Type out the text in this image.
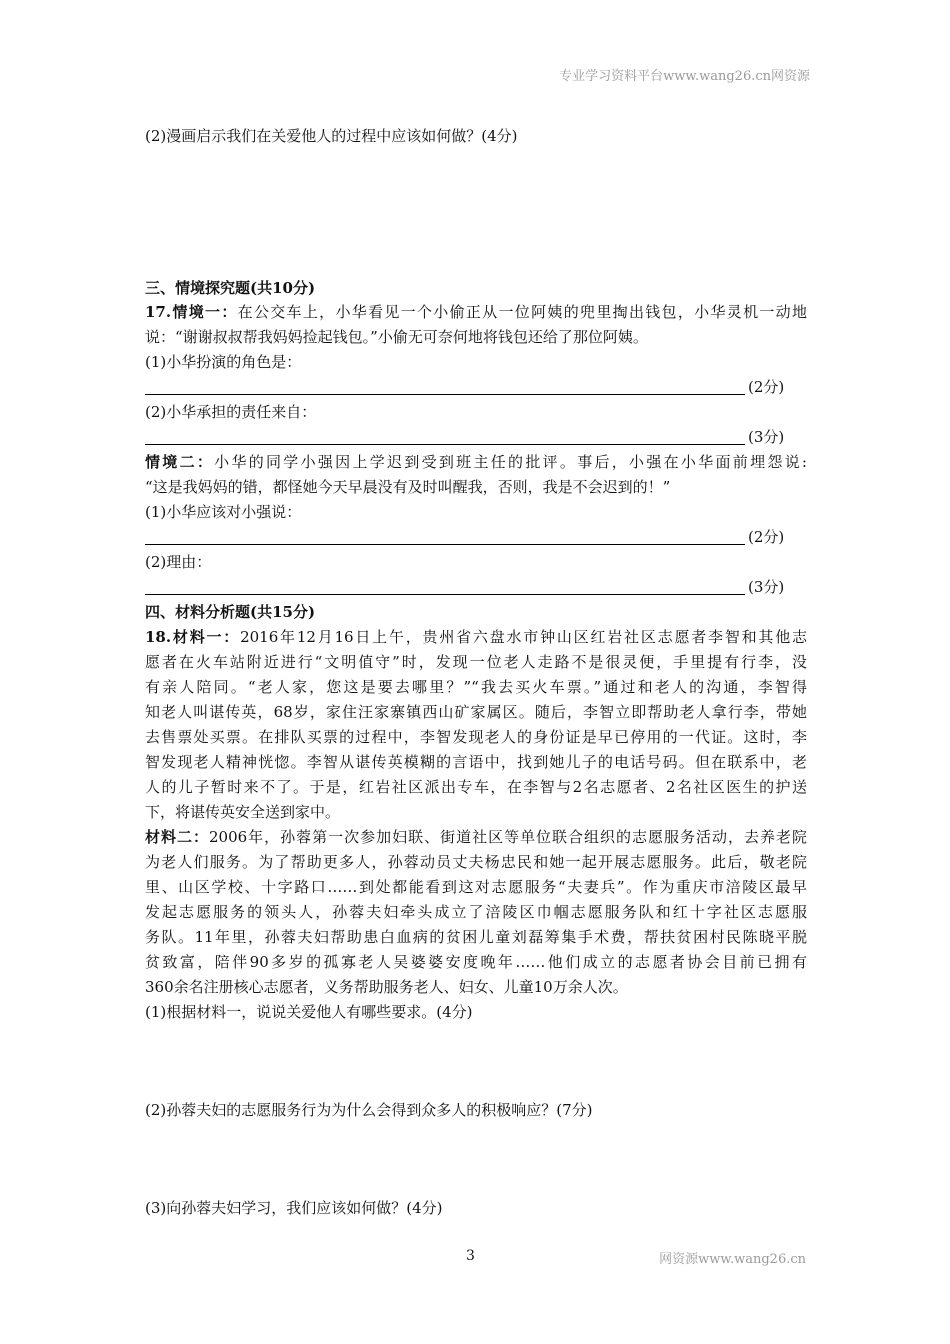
专业学习资料平台www.wang26.cn网资源
(2)漫画启示我们在关爱他人的过程中应该如何做？(4分)
三、情境探究题(共10分)
17.情境一：在公交车上，小华看见一个小偷正从一位阿姨的兜里掏出钱包，小华灵机一动地
说：“谢谢叔叔帮我妈妈捡起钱包。”小偷无可奈何地将钱包还给了那位阿姨。
(1)小华扮演的角色是：
(2分)
(2)小华承担的责任来自：
(3分)
情境二：小华的同学小强因上学迟到受到班主任的批评。事后，小强在小华面前埋怨说:
“这是我妈妈的错，都怪她今天早晨没有及时叫醒我，否则，我是不会迟到的！”
(1)小华应该对小强说：
(2分)
(2)理由：
(3分)
四、材料分析题(共15分)
18.材料一：2016年12月16日上午，贵州省六盘水市钟山区红岩社区志愿者李智和其他志
愿者在火车站附近进行“文明值守”时，发现一位老人走路不是很灵便，手里提有行李，没
有亲人陪同。“老人家，您这是要去哪里？”“我去买火车票。”通过和老人的沟通，李智得
知老人叫谌传英，68岁，家住汪家寨镇西山矿家属区。随后，李智立即帮助老人拿行李，带她
去售票处买票。在排队买票的过程中，李智发现老人的身份证是早已停用的一代证。这时，李
智发现老人精神恍惚。李智从谌传英模糊的言语中，找到她儿子的电话号码。但在联系中，老
人的儿子暂时来不了。于是，红岩社区派出专车，在李智与2名志愿者、2名社区医生的护送
下，将谌传英安全送到家中。
材料二：2006年，孙蓉第一次参加妇联、街道社区等单位联合组织的志愿服务活动，去养老院
为老人们服务。为了帮助更多人，孙蓉动员丈夫杨忠民和她一起开展志愿服务。此后，敬老院
里、山区学校、十字路口……到处都能看到这对志愿服务“夫妻兵”。作为重庆市涪陵区最早
发起志愿服务的领头人，孙蓉夫妇牵头成立了涪陵区巾帼志愿服务队和红十字社区志愿服
务队。11年里，孙蓉夫妇帮助患白血病的贫困儿童刘磊筹集手术费，帮扶贫困村民陈晓平脱
贫致富，陪伴90多岁的孤寡老人吴婆婆安度晚年……他们成立的志愿者协会目前已拥有
360余名注册核心志愿者，义务帮助服务老人、妇女、儿童10万余人次。
(1)根据材料一，说说关爱他人有哪些要求。(4分)
(2)孙蓉夫妇的志愿服务行为为什么会得到众多人的积极响应？(7分)
(3)向孙蓉夫妇学习，我们应该如何做？(4分)
3	网资源www.wang26.cn
